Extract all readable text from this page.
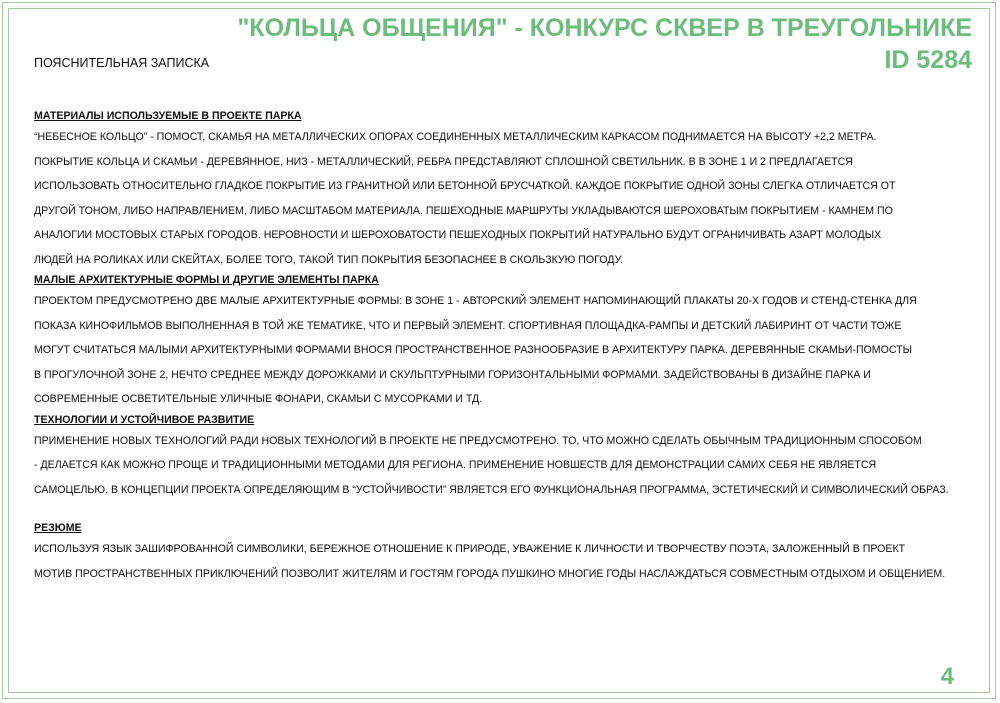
"КОЛЬЦА ОБЩЕНИЯ" - КОНКУРС СКВЕР В ТРЕУГОЛЬНИКЕ
ID 5284
ПОЯСНИТЕЛЬНАЯ ЗАПИСКА
МАТЕРИАЛЫ ИСПОЛЬЗУЕМЫЕ В ПРОЕКТЕ ПАРКА
“НЕБЕСНОЕ КОЛЬЦО” - ПОМОСТ, СКАМЬЯ НА МЕТАЛЛИЧЕСКИХ ОПОРАХ СОЕДИНЕННЫХ МЕТАЛЛИЧЕСКИМ КАРКАСОМ ПОДНИМАЕТСЯ НА ВЫСОТУ +2,2 МЕТРА.
ПОКРЫТИЕ КОЛЬЦА И СКАМЬИ - ДЕРЕВЯННОЕ, НИЗ - МЕТАЛЛИЧЕСКИЙ, РЕБРА ПРЕДСТАВЛЯЮТ СПЛОШНОЙ СВЕТИЛЬНИК. В В ЗОНЕ 1 И 2 ПРЕДЛАГАЕТСЯ
ИСПОЛЬЗОВАТЬ ОТНОСИТЕЛЬНО ГЛАДКОЕ ПОКРЫТИЕ ИЗ ГРАНИТНОЙ ИЛИ БЕТОННОЙ БРУСЧАТКОЙ. КАЖДОЕ ПОКРЫТИЕ ОДНОЙ ЗОНЫ СЛЕГКА ОТЛИЧАЕТСЯ ОТ
ДРУГОЙ ТОНОМ, ЛИБО НАПРАВЛЕНИЕМ, ЛИБО МАСШТАБОМ МАТЕРИАЛА. ПЕШЕХОДНЫЕ МАРШРУТЫ УКЛАДЫВАЮТСЯ ШЕРОХОВАТЫМ ПОКРЫТИЕМ - КАМНЕМ ПО
АНАЛОГИИ МОСТОВЫХ СТАРЫХ ГОРОДОВ. НЕРОВНОСТИ И ШЕРОХОВАТОСТИ ПЕШЕХОДНЫХ ПОКРЫТИЙ НАТУРАЛЬНО БУДУТ ОГРАНИЧИВАТЬ АЗАРТ МОЛОДЫХ
ЛЮДЕЙ НА РОЛИКАХ ИЛИ СКЕЙТАХ, БОЛЕЕ ТОГО, ТАКОЙ ТИП ПОКРЫТИЯ БЕЗОПАСНЕЕ В СКОЛЬЗКУЮ ПОГОДУ.
МАЛЫЕ АРХИТЕКТУРНЫЕ ФОРМЫ И ДРУГИЕ ЭЛЕМЕНТЫ ПАРКА
ПРОЕКТОМ ПРЕДУСМОТРЕНО ДВЕ МАЛЫЕ АРХИТЕКТУРНЫЕ ФОРМЫ: В ЗОНЕ 1 - АВТОРСКИЙ ЭЛЕМЕНТ НАПОМИНАЮЩИЙ ПЛАКАТЫ 20-Х ГОДОВ И СТЕНД-СТЕНКА ДЛЯ
ПОКАЗА КИНОФИЛЬМОВ ВЫПОЛНЕННАЯ В ТОЙ ЖЕ ТЕМАТИКЕ, ЧТО И ПЕРВЫЙ ЭЛЕМЕНТ. СПОРТИВНАЯ ПЛОЩАДКА-РАМПЫ И ДЕТСКИЙ ЛАБИРИНТ ОТ ЧАСТИ ТОЖЕ
МОГУТ СЧИТАТЬСЯ МАЛЫМИ АРХИТЕКТУРНЫМИ ФОРМАМИ ВНОСЯ ПРОСТРАНСТВЕННОЕ РАЗНООБРАЗИЕ В АРХИТЕКТУРУ ПАРКА. ДЕРЕВЯННЫЕ СКАМЬИ-ПОМОСТЫ
В ПРОГУЛОЧНОЙ ЗОНЕ 2, НЕЧТО СРЕДНЕЕ МЕЖДУ ДОРОЖКАМИ И СКУЛЬПТУРНЫМИ ГОРИЗОНТАЛЬНЫМИ ФОРМАМИ. ЗАДЕЙСТВОВАНЫ В ДИЗАЙНЕ ПАРКА И
СОВРЕМЕННЫЕ ОСВЕТИТЕЛЬНЫЕ УЛИЧНЫЕ ФОНАРИ, СКАМЬИ С МУСОРКАМИ И ТД.
ТЕХНОЛОГИИ И УСТОЙЧИВОЕ РАЗВИТИЕ
ПРИМЕНЕНИЕ НОВЫХ ТЕХНОЛОГИЙ РАДИ НОВЫХ ТЕХНОЛОГИЙ В ПРОЕКТЕ НЕ ПРЕДУСМОТРЕНО. ТО, ЧТО МОЖНО СДЕЛАТЬ ОБЫЧНЫМ ТРАДИЦИОННЫМ СПОСОБОМ
- ДЕЛАЕТСЯ КАК МОЖНО ПРОЩЕ И ТРАДИЦИОННЫМИ МЕТОДАМИ ДЛЯ РЕГИОНА. ПРИМЕНЕНИЕ НОВШЕСТВ ДЛЯ ДЕМОНСТРАЦИИ САМИХ СЕБЯ НЕ ЯВЛЯЕТСЯ
САМОЦЕЛЬЮ. В КОНЦЕПЦИИ ПРОЕКТА ОПРЕДЕЛЯЮЩИМ В “УСТОЙЧИВОСТИ” ЯВЛЯЕТСЯ ЕГО ФУНКЦИОНАЛЬНАЯ ПРОГРАММА, ЭСТЕТИЧЕСКИЙ И СИМВОЛИЧЕСКИЙ ОБРАЗ.
РЕЗЮМЕ
ИСПОЛЬЗУЯ ЯЗЫК ЗАШИФРОВАННОЙ СИМВОЛИКИ, БЕРЕЖНОЕ ОТНОШЕНИЕ К ПРИРОДЕ, УВАЖЕНИЕ К ЛИЧНОСТИ И ТВОРЧЕСТВУ ПОЭТА, ЗАЛОЖЕННЫЙ В ПРОЕКТ
МОТИВ ПРОСТРАНСТВЕННЫХ ПРИКЛЮЧЕНИЙ ПОЗВОЛИТ ЖИТЕЛЯМ И ГОСТЯМ ГОРОДА ПУШКИНО МНОГИЕ ГОДЫ НАСЛАЖДАТЬСЯ СОВМЕСТНЫМ ОТДЫХОМ И ОБЩЕНИЕМ.
4
